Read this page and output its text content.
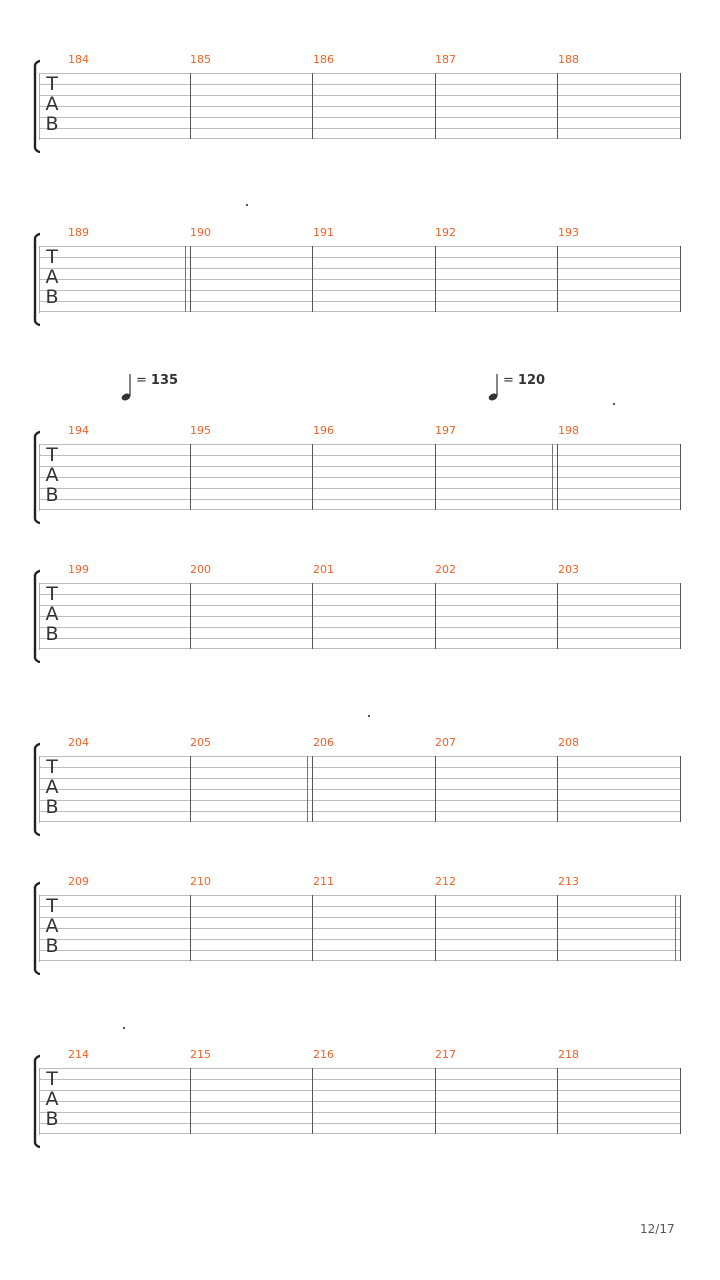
= 135	= 120
184	185	186	187	188
T
A
B
189	190	191	192	193
T
A
B
194	195	196	197	198
T
A
B
199	200	201	202	203
T
A
B
204	205	206	207	208
T
A
B
209	210	211	212	213
T
A
B
214	215	216	217	218
T
A
B
12/17
